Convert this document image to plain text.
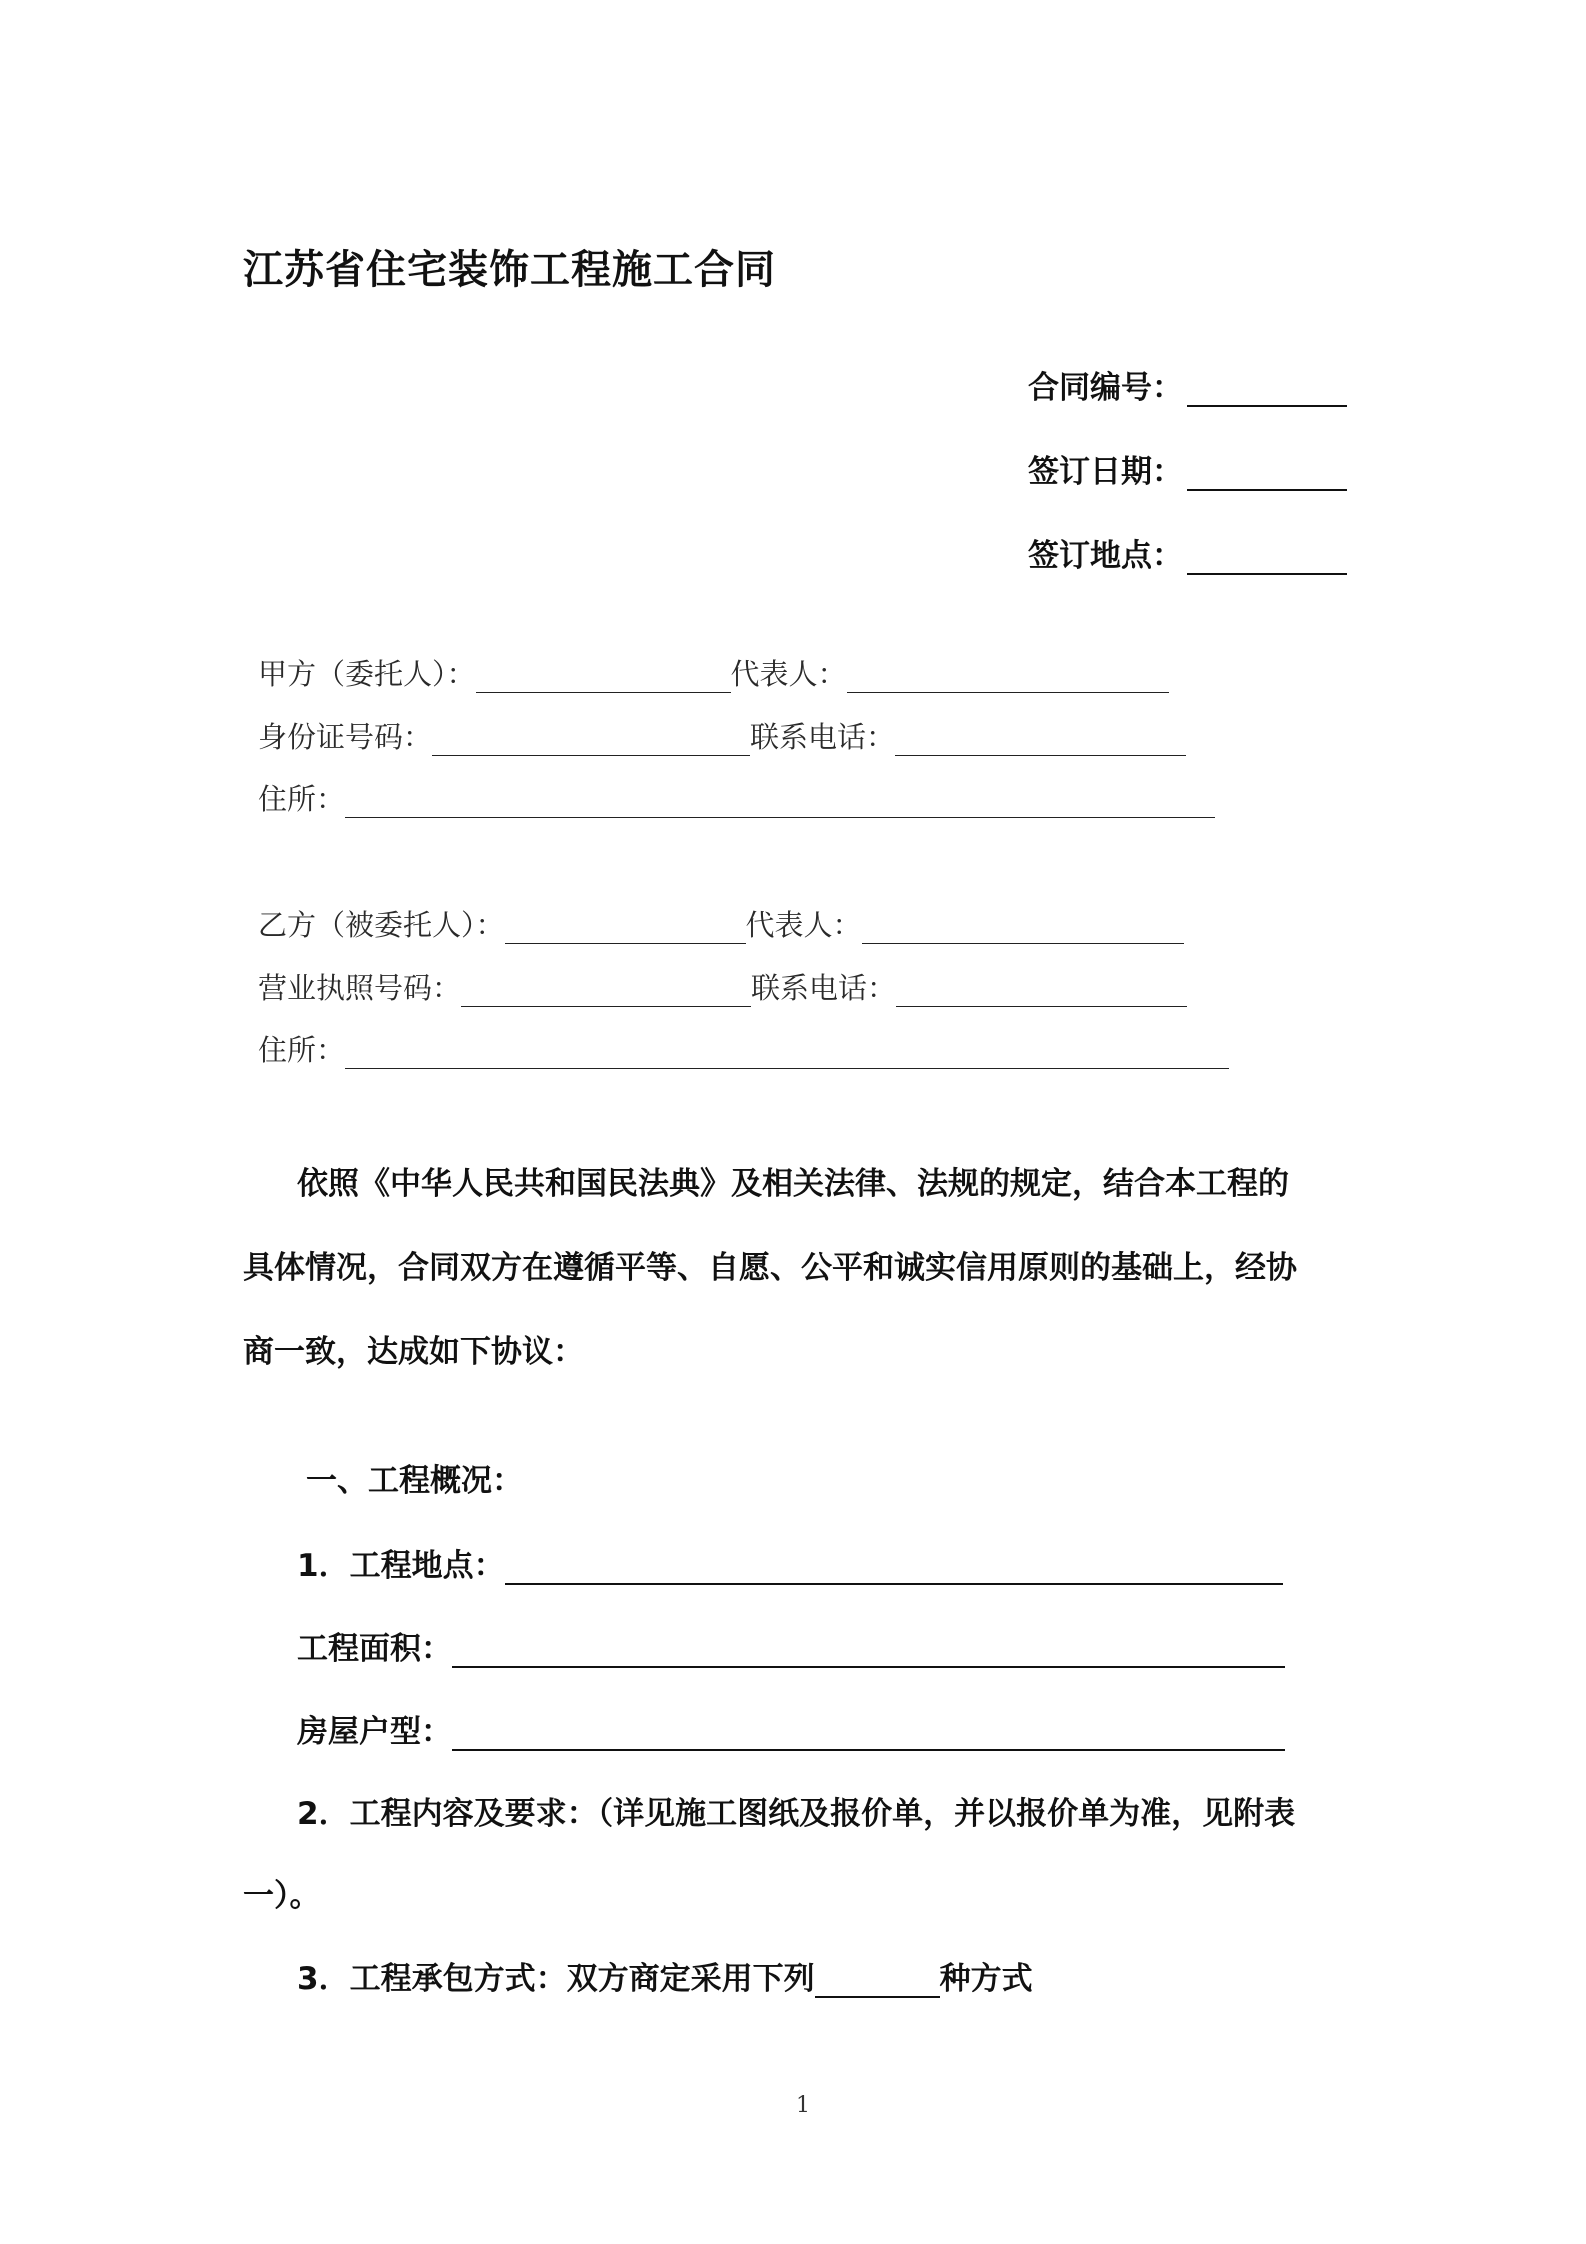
江苏省住宅装饰工程施工合同
合同编号：
签订日期：
签订地点：
甲方（委托人）：	代表人：
身份证号码：	联系电话：
住所：
乙方（被委托人）：	代表人：
营业执照号码：	联系电话：
住所：
依照《中华人民共和国民法典》及相关法律、法规的规定，结合本工程的
具体情况，合同双方在遵循平等、自愿、公平和诚实信用原则的基础上，经协
商一致，达成如下协议：
一、工程概况：
1．工程地点：
工程面积：
房屋户型：
2．工程内容及要求：（详见施工图纸及报价单，并以报价单为准，见附表
一）。
3．工程承包方式：双方商定采用下列	种方式
1
